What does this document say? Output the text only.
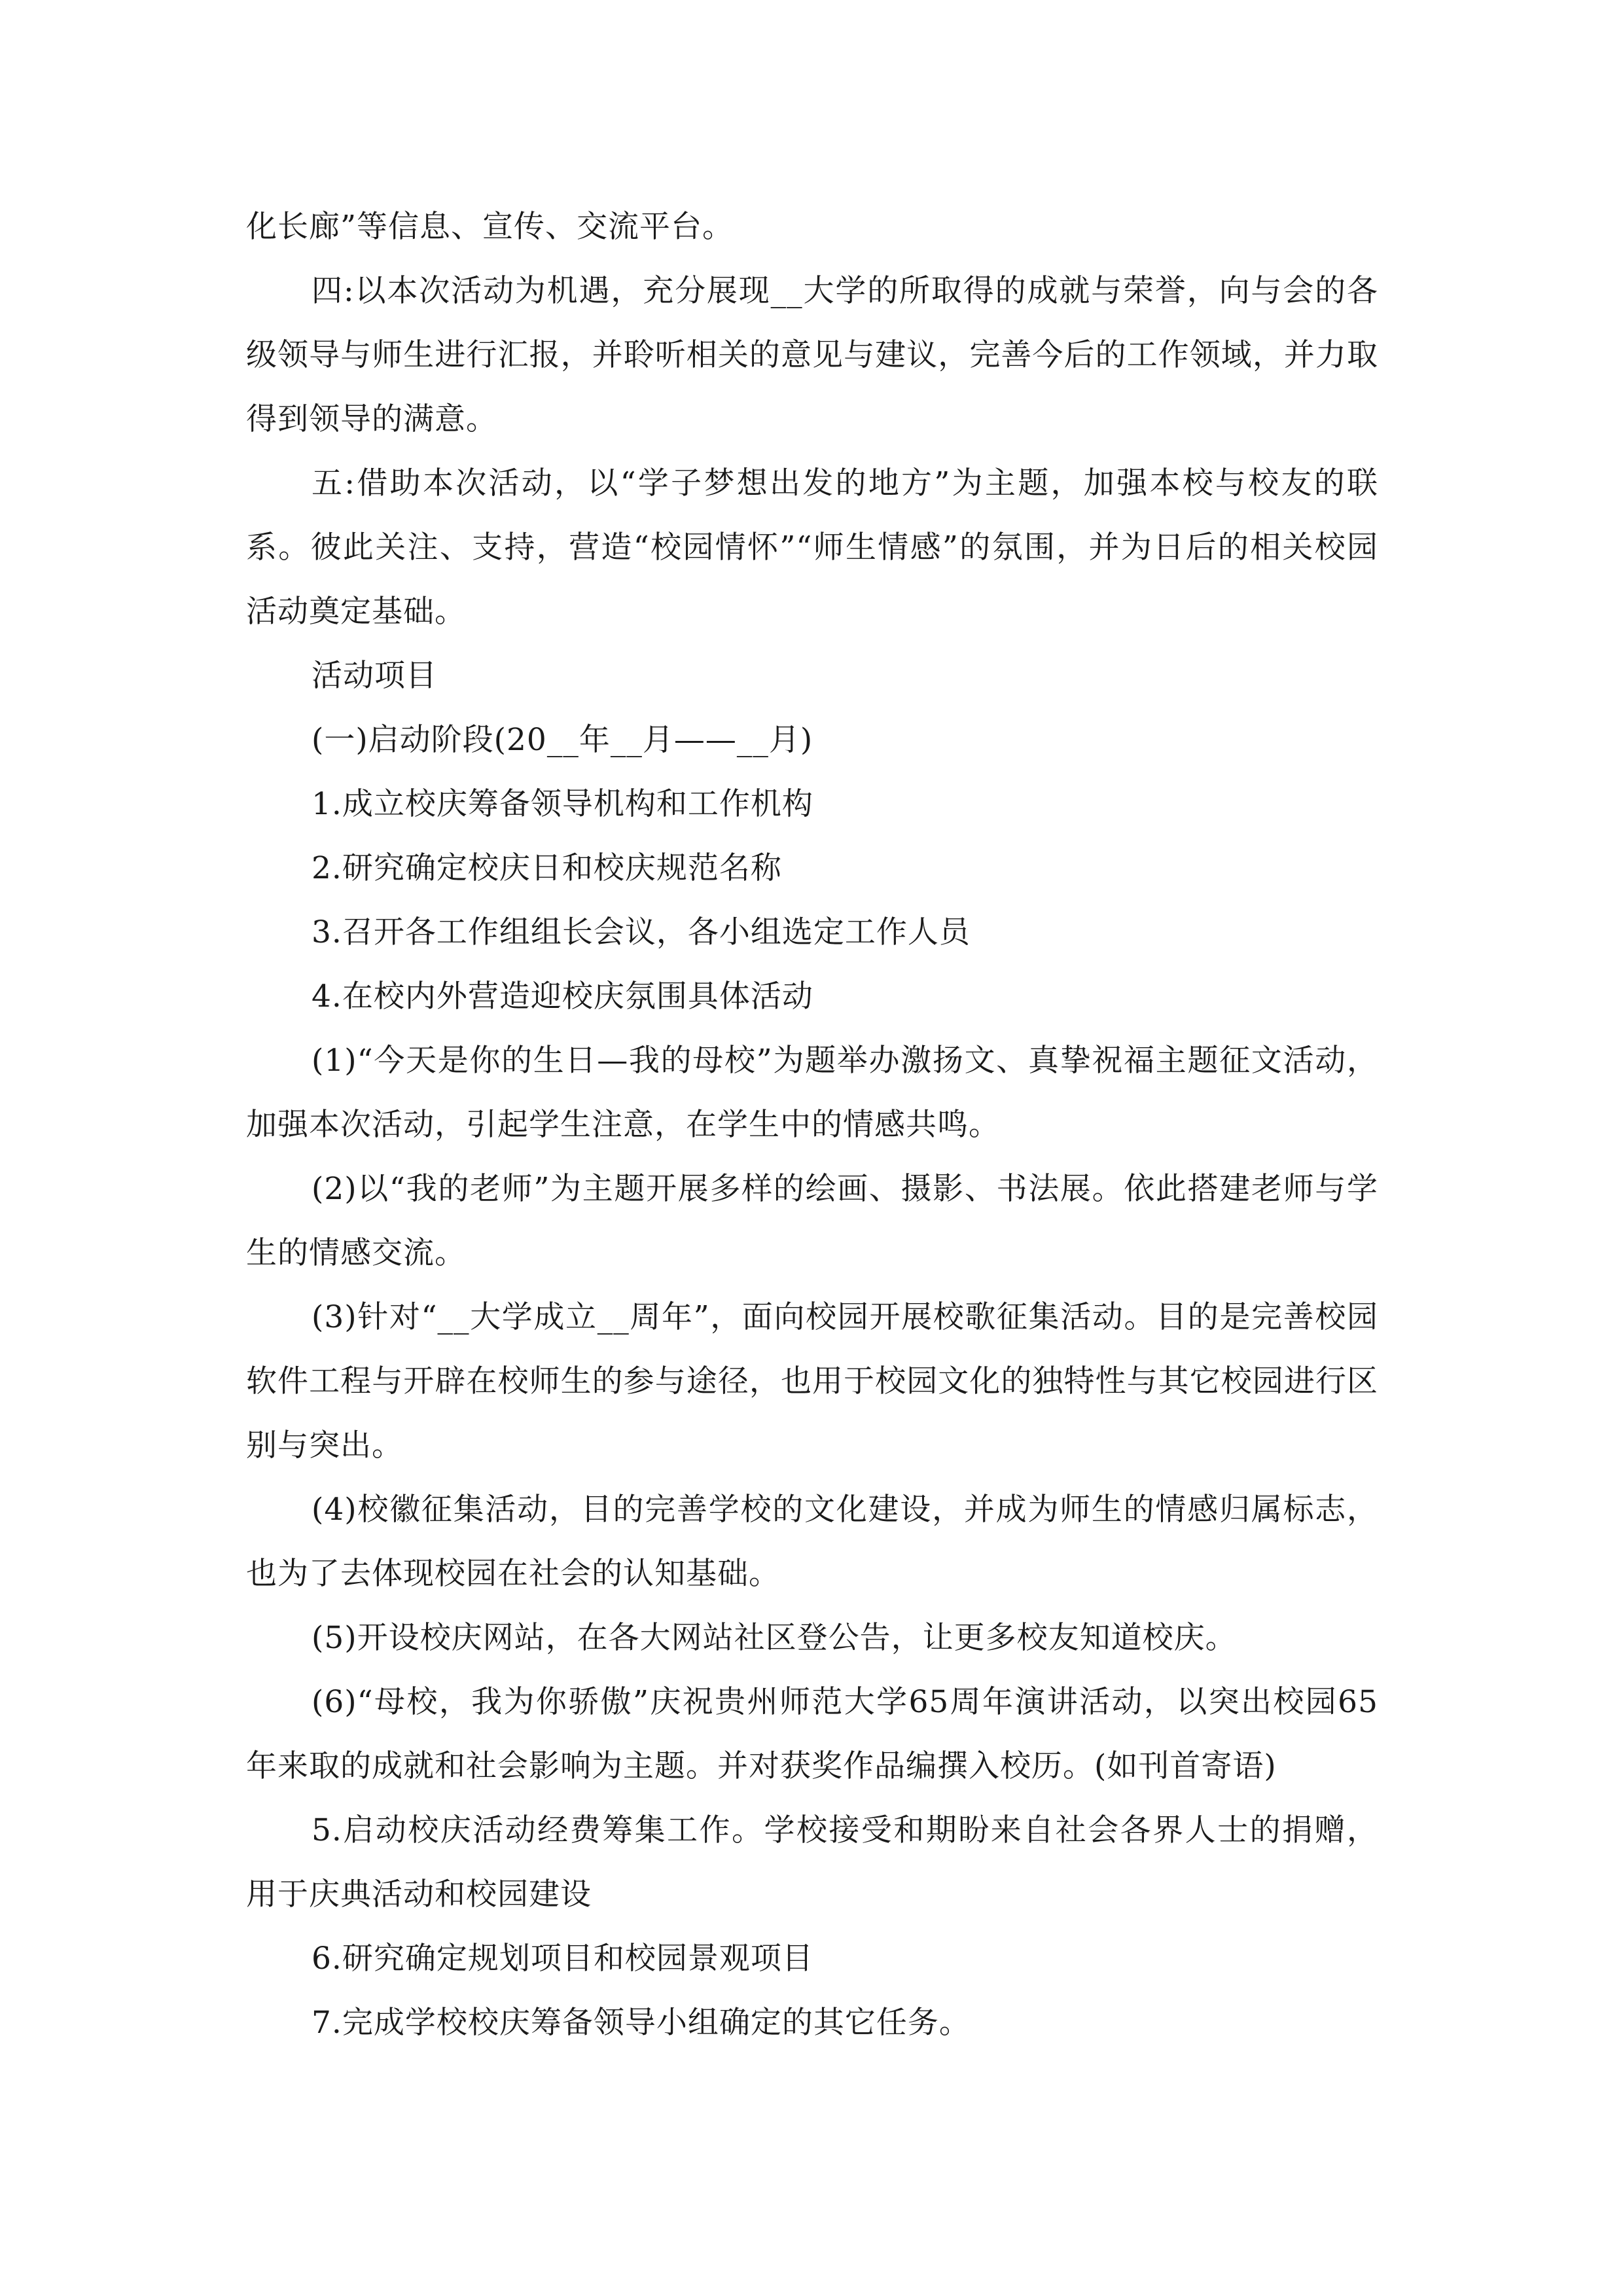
化长廊”等信息、宣传、交流平台。

四:以本次活动为机遇，充分展现__大学的所取得的成就与荣誉，向与会的各级领导与师生进行汇报，并聆听相关的意见与建议，完善今后的工作领域，并力取得到领导的满意。

五:借助本次活动，以“学子梦想出发的地方”为主题，加强本校与校友的联系。彼此关注、支持，营造“校园情怀”“师生情感”的氛围，并为日后的相关校园活动奠定基础。

活动项目

(一)启动阶段(20__年__月——__月)

1.成立校庆筹备领导机构和工作机构

2.研究确定校庆日和校庆规范名称

3.召开各工作组组长会议，各小组选定工作人员

4.在校内外营造迎校庆氛围具体活动

(1)“今天是你的生日—我的母校”为题举办激扬文、真挚祝福主题征文活动，加强本次活动，引起学生注意，在学生中的情感共鸣。

(2)以“我的老师”为主题开展多样的绘画、摄影、书法展。依此搭建老师与学生的情感交流。

(3)针对“__大学成立__周年”，面向校园开展校歌征集活动。目的是完善校园软件工程与开辟在校师生的参与途径，也用于校园文化的独特性与其它校园进行区别与突出。

(4)校徽征集活动，目的完善学校的文化建设，并成为师生的情感归属标志，也为了去体现校园在社会的认知基础。

(5)开设校庆网站，在各大网站社区登公告，让更多校友知道校庆。

(6)“母校，我为你骄傲”庆祝贵州师范大学65周年演讲活动，以突出校园65年来取的成就和社会影响为主题。并对获奖作品编撰入校历。(如刊首寄语)

5.启动校庆活动经费筹集工作。学校接受和期盼来自社会各界人士的捐赠，用于庆典活动和校园建设

6.研究确定规划项目和校园景观项目

7.完成学校校庆筹备领导小组确定的其它任务。
